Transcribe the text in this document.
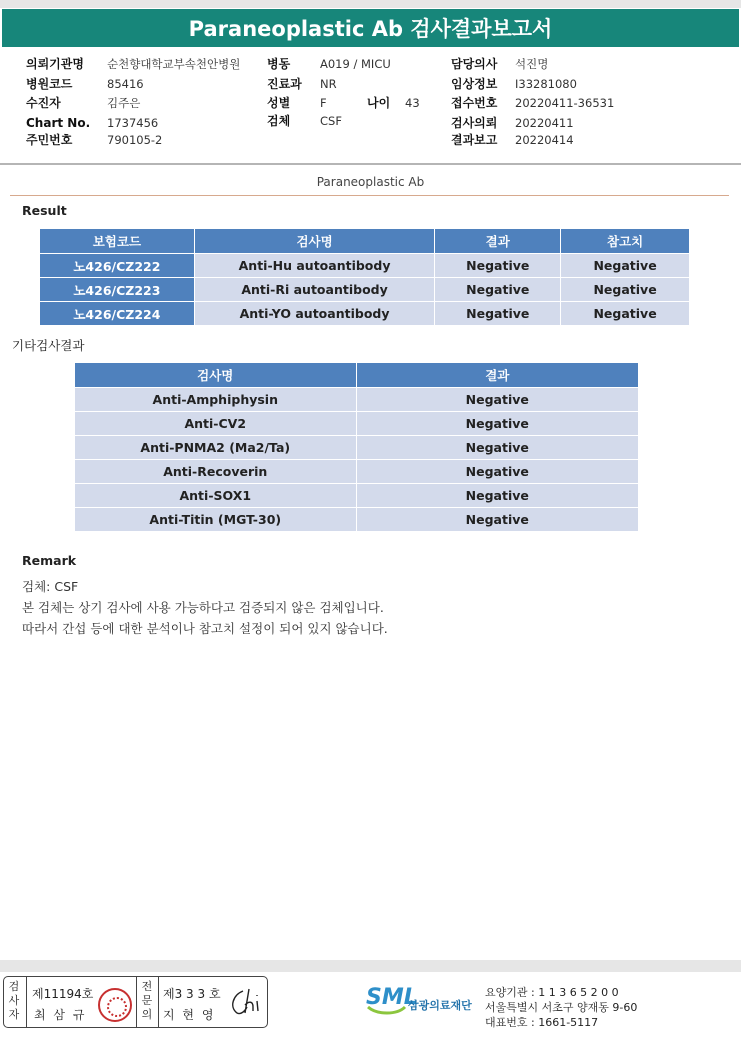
Paraneoplastic Ab 검사결과보고서
의뢰기관명 순천향대학교부속천안병원
병원코드	85416
수진자	김주은
Chart No. 1737456
주민번호	790105-2
병동	A019 / MICU
진료과 NR
성별	F	나이 43
검체	CSF
담당의사 석진명
임상정보 I33281080
접수번호 20220411-36531
검사의뢰 20220411
결과보고 20220414
Paraneoplastic Ab
Result
보험코드	검사명	결과	참고치
노426/CZ222	Anti-Hu autoantibody	Negative	Negative
노426/CZ223	Anti-Ri autoantibody	Negative	Negative
노426/CZ224	Anti-YO autoantibody	Negative	Negative
기타검사결과
검사명	결과
Anti-Amphiphysin	Negative
Anti-CV2	Negative
Anti-PNMA2 (Ma2/Ta)	Negative
Anti-Recoverin	Negative
Anti-SOX1	Negative
Anti-Titin (MGT-30)	Negative
Remark
검체: CSF
본 검체는 상기 검사에 사용 가능하다고 검증되지 않은 검체입니다.
따라서 간섭 등에 대한 분석이나 참고치 설정이 되어 있지 않습니다.
검
사
자
제11194호
최 삼 규
전
문
의
제3 3 3 호
지 현 영
SML
삼광의료재단
요양기관 : 1 1 3 6 5 2 0 0
서울특별시 서초구 양재동 9-60
대표번호 : 1661-5117
